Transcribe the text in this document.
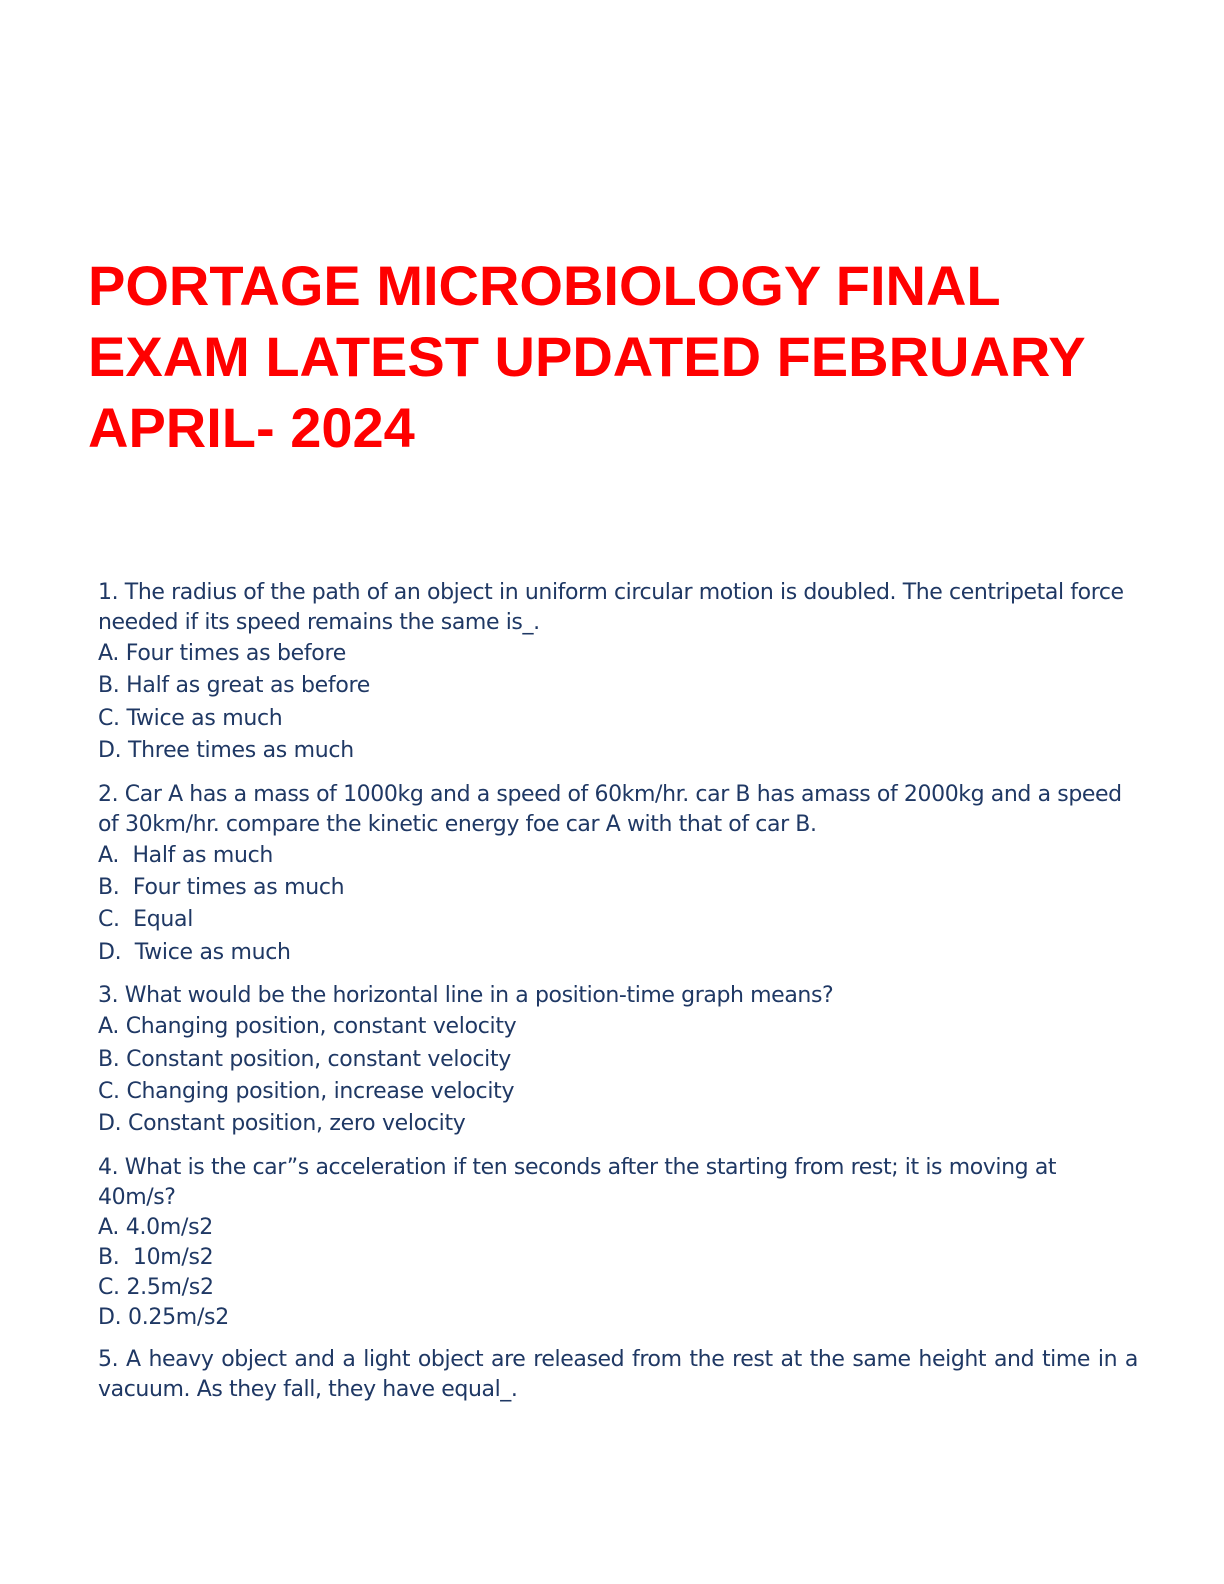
PORTAGE MICROBIOLOGY FINAL
EXAM LATEST UPDATED FEBRUARY
APRIL- 2024

1. The radius of the path of an object in uniform circular motion is doubled. The centripetal force needed if its speed remains the same is_.

A. Four times as before
B. Half as great as before
C. Twice as much
D. Three times as much

2. Car A has a mass of 1000kg and a speed of 60km/hr. car B has amass of 2000kg and a speed of 30km/hr. compare the kinetic energy foe car A with that of car B.

A.  Half as much
B.  Four times as much
C.  Equal
D.  Twice as much

3. What would be the horizontal line in a position-time graph means?

A. Changing position, constant velocity
B. Constant position, constant velocity
C. Changing position, increase velocity
D. Constant position, zero velocity

4. What is the car”s acceleration if ten seconds after the starting from rest; it is moving at 40m/s?

A. 4.0m/s2
B.  10m/s2
C. 2.5m/s2
D. 0.25m/s2

5. A heavy object and a light object are released from the rest at the same height and time in a vacuum. As they fall, they have equal_.
